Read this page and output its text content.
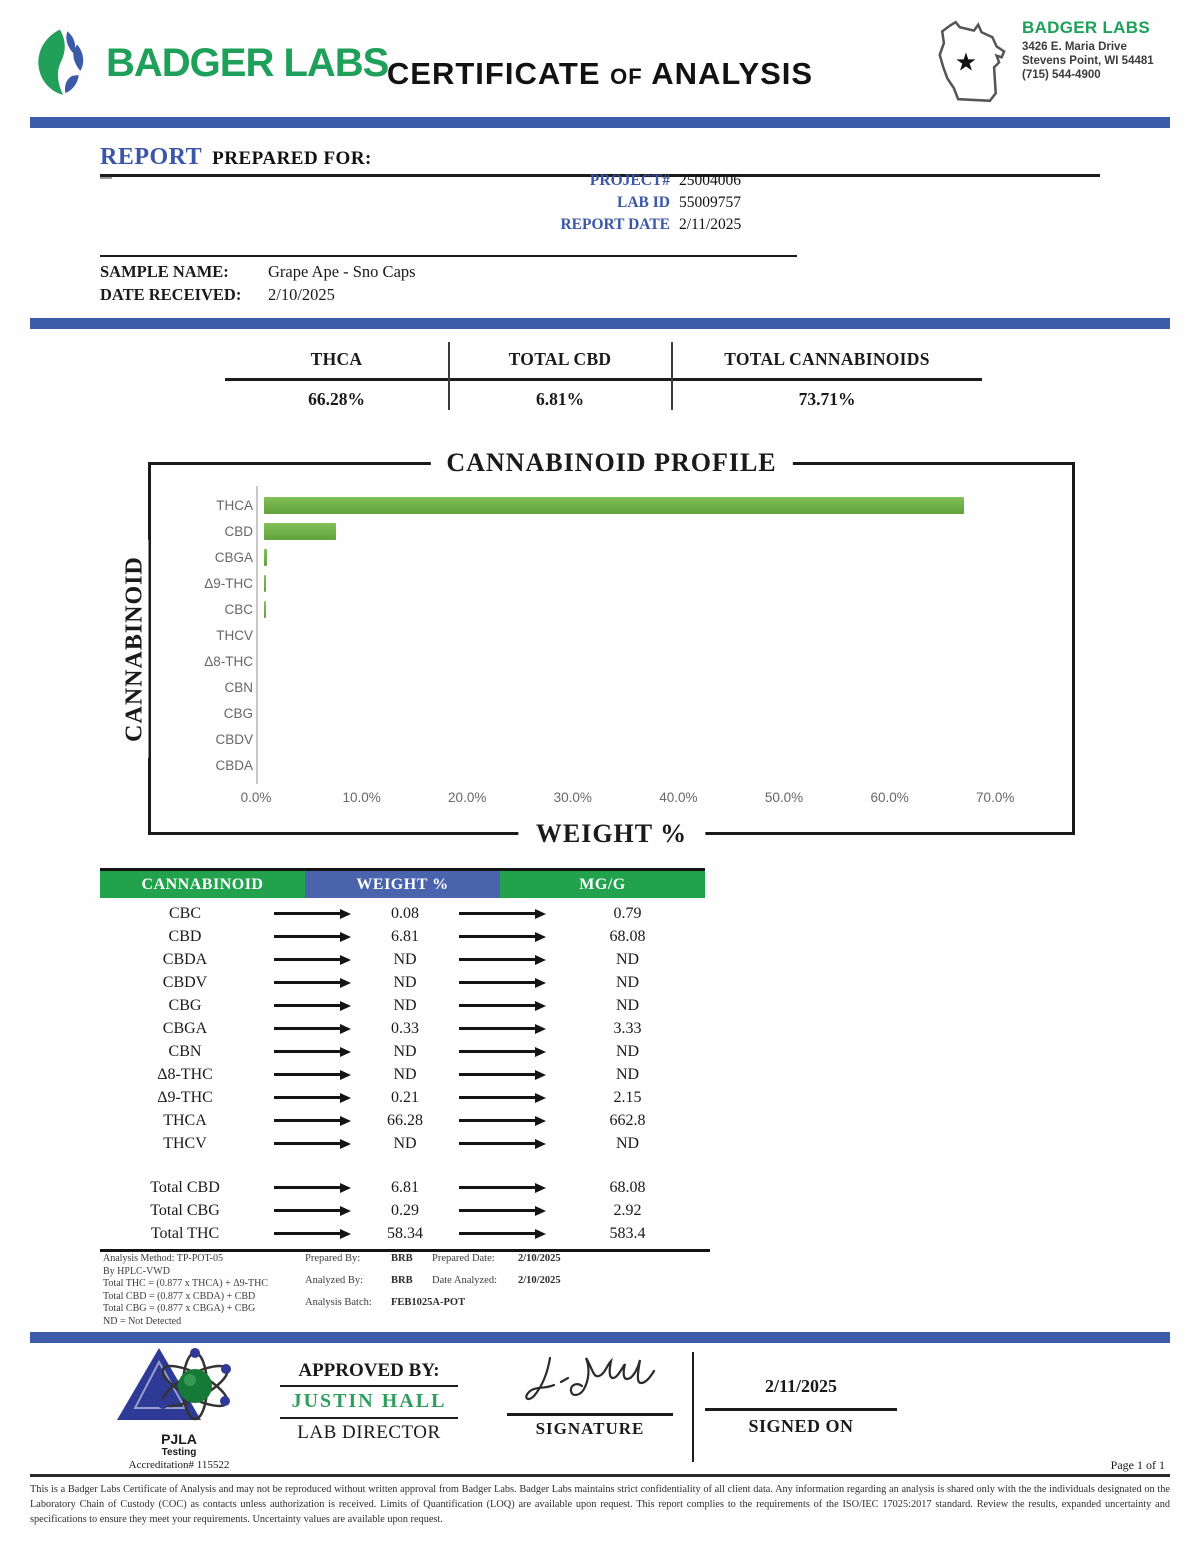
BADGER LABS
CERTIFICATE OF ANALYSIS	★
BADGER LABS
3426 E. Maria Drive
Stevens Point, WI 54481
(715) 544-4900
REPORT PREPARED FOR:
PROJECT# 25004006
LAB ID 55009757
REPORT DATE 2/11/2025
SAMPLE NAME:	Grape Ape - Sno Caps
DATE RECEIVED:	2/10/2025
THCA	TOTAL CBD	TOTAL CANNABINOIDS
66.28%	6.81%	73.71%
CANNABINOID PROFILE
CANNABINOID
WEIGHT %
THCA
CBD
CBGA
Δ9-THC
CBC
THCV
Δ8-THC
CBN
CBG
CBDV
CBDA
0.0%	10.0%	20.0%	30.0%	40.0%	50.0%	60.0%	70.0%
CANNABINOID	WEIGHT %	MG/G
CBC	0.08	0.79
CBD	6.81	68.08
CBDA	ND	ND
CBDV	ND	ND
CBG	ND	ND
CBGA	0.33	3.33
CBN	ND	ND
Δ8-THC	ND	ND
Δ9-THC	0.21	2.15
THCA	66.28	662.8
THCV	ND	ND
Total CBD	6.81	68.08
Total CBG	0.29	2.92
Total THC	58.34	583.4
Analysis Method: TP-POT-05
By HPLC-VWD
Total THC = (0.877 x THCA) + Δ9-THC
Total CBD = (0.877 x CBDA) + CBD
Total CBG = (0.877 x CBGA) + CBG
ND = Not Detected
Prepared By:	BRB
Analyzed By:	BRB
Analysis Batch:	FEB1025A-POT
Prepared Date:	2/10/2025
Date Analyzed:	2/10/2025
PJLA
Testing
Accreditation# 115522
APPROVED BY:
JUSTIN HALL
LAB DIRECTOR	SIGNATURE
2/11/2025
SIGNED ON
Page 1 of 1
This is a Badger Labs Certificate of Analysis and may not be reproduced without written approval from Badger Labs. Badger Labs maintains strict confidentiality of all client data. Any information regarding an analysis is shared only with the the individuals designated on the Laboratory Chain of Custody (COC) as contacts unless authorization is received. Limits of Quantification (LOQ) are available upon request. This report complies to the requirements of the ISO/IEC 17025:2017 standard. Review the results, expanded uncertainty and specifications to ensure they meet your requirements. Uncertainty values are available upon request.
